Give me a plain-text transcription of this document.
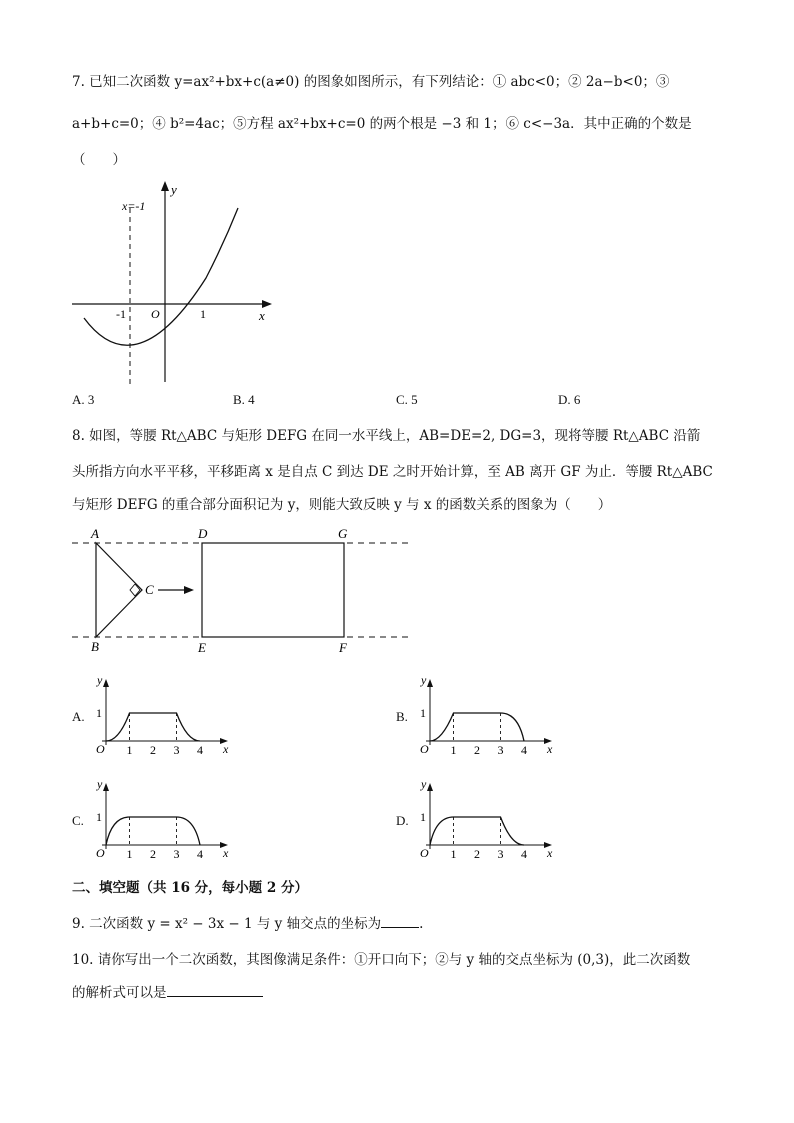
7. 已知二次函数 y=ax²+bx+c(a≠0) 的图象如图所示，有下列结论：① abc<0；② 2a−b<0；③
a+b+c=0；④ b²=4ac；⑤方程 ax²+bx+c=0 的两个根是 −3 和 1；⑥ c<−3a．其中正确的个数是
（　　）
x=-1
y
x
O
-1	1
A. 3	B. 4	C. 5	D. 6
8. 如图，等腰 Rt△ABC 与矩形 DEFG 在同一水平线上，AB=DE=2, DG=3，现将等腰 Rt△ABC 沿箭
头所指方向水平平移，平移距离 x 是自点 C 到达 DE 之时开始计算，至 AB 离开 GF 为止．等腰 Rt△ABC
与矩形 DEFG 的重合部分面积记为 y，则能大致反映 y 与 x 的函数关系的图象为（　　）
A
B
C
D
E	F
G
A.	B.
C.	D.
y
x
O
1
1 2 3 4
y
x
O
1
1 2 3 4
y
x
O
1
1 2 3 4
y
x
O
1
1 2 3 4
二、填空题（共 16 分，每小题 2 分）
9. 二次函数 y = x² − 3x − 1 与 y 轴交点的坐标为	.
10. 请你写出一个二次函数，其图像满足条件：①开口向下；②与 y 轴的交点坐标为 (0,3)，此二次函数
的解析式可以是
